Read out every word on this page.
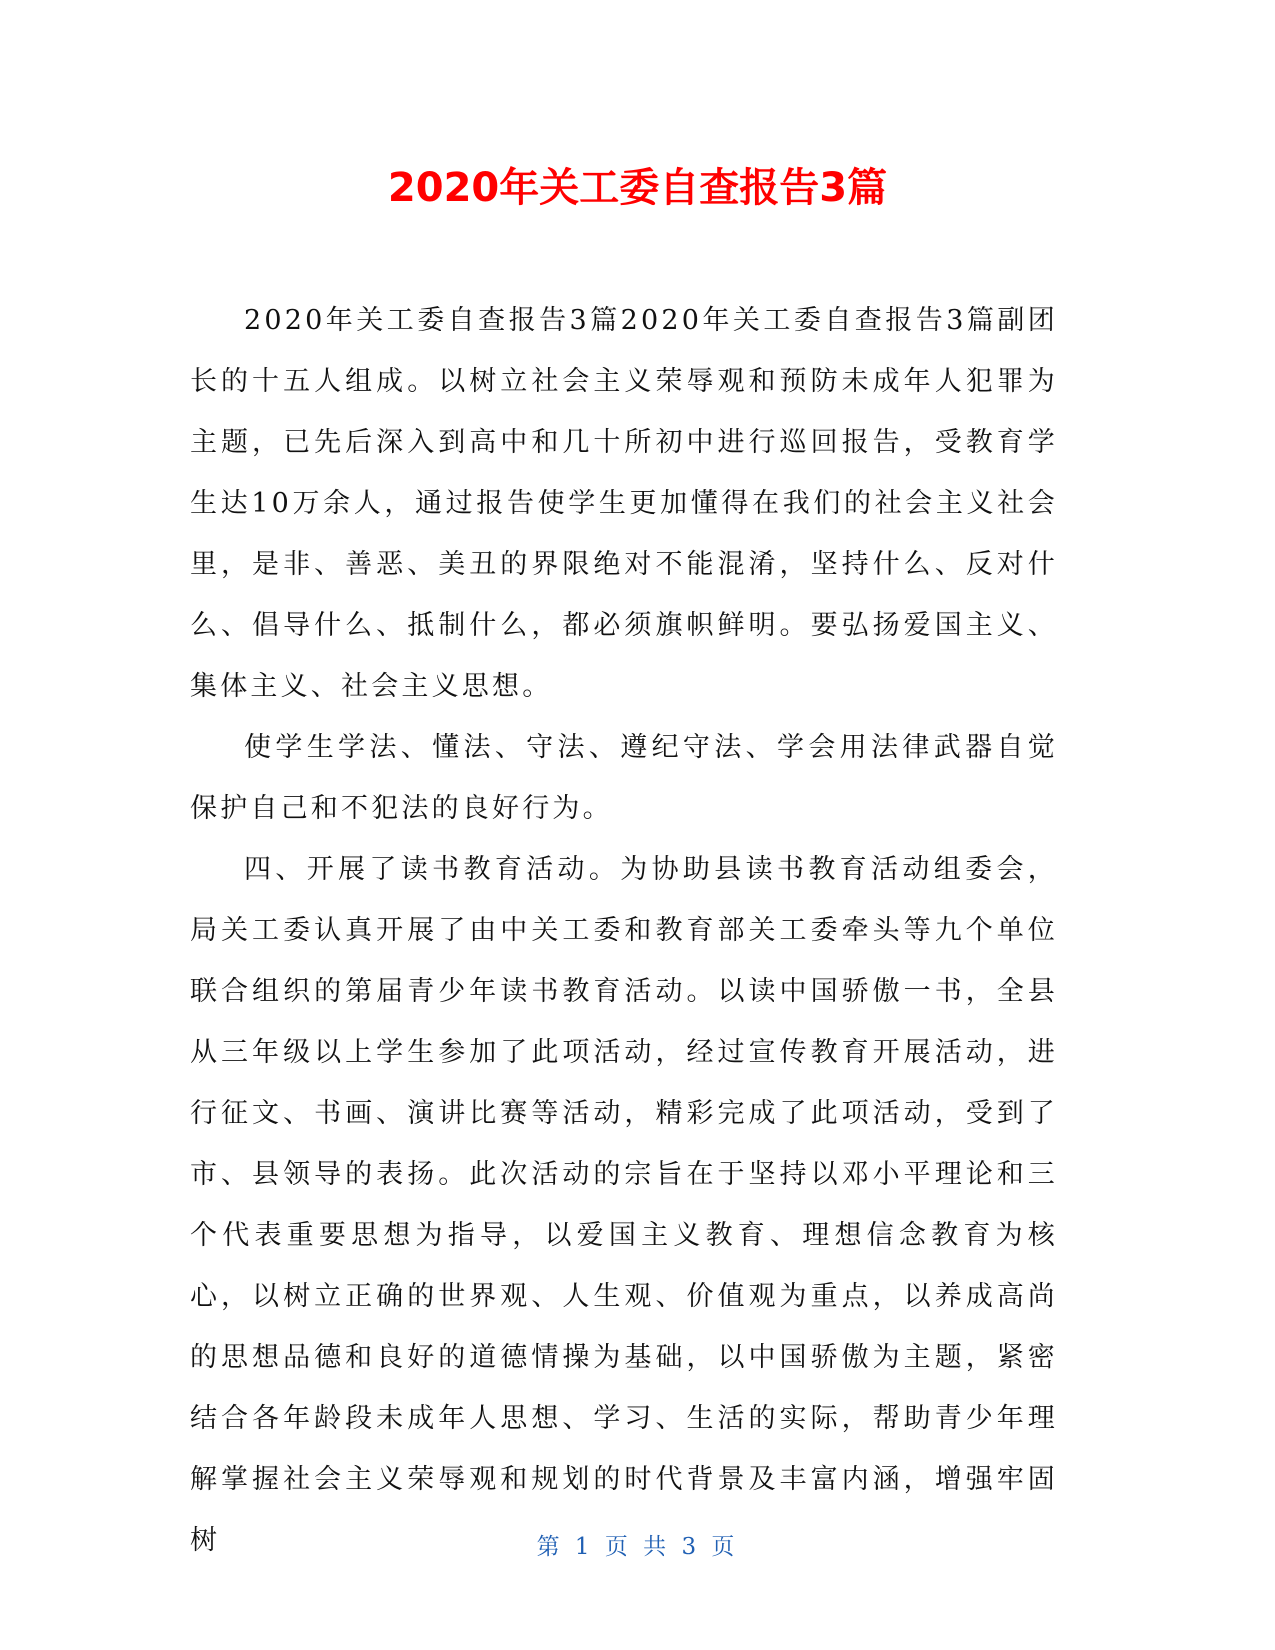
2020年关工委自查报告3篇

2020年关工委自查报告3篇2020年关工委自查报告3篇副团长的十五人组成。以树立社会主义荣辱观和预防未成年人犯罪为主题，已先后深入到高中和几十所初中进行巡回报告，受教育学生达10万余人，通过报告使学生更加懂得在我们的社会主义社会里，是非、善恶、美丑的界限绝对不能混淆，坚持什么、反对什么、倡导什么、抵制什么，都必须旗帜鲜明。要弘扬爱国主义、集体主义、社会主义思想。

使学生学法、懂法、守法、遵纪守法、学会用法律武器自觉保护自己和不犯法的良好行为。

四、开展了读书教育活动。为协助县读书教育活动组委会，局关工委认真开展了由中关工委和教育部关工委牵头等九个单位联合组织的第届青少年读书教育活动。以读中国骄傲一书，全县从三年级以上学生参加了此项活动，经过宣传教育开展活动，进行征文、书画、演讲比赛等活动，精彩完成了此项活动，受到了市、县领导的表扬。此次活动的宗旨在于坚持以邓小平理论和三个代表重要思想为指导，以爱国主义教育、理想信念教育为核心，以树立正确的世界观、人生观、价值观为重点，以养成高尚的思想品德和良好的道德情操为基础，以中国骄傲为主题，紧密结合各年龄段未成年人思想、学习、生活的实际，帮助青少年理解掌握社会主义荣辱观和规划的时代背景及丰富内涵，增强牢固树	第 1 页 共 3 页
